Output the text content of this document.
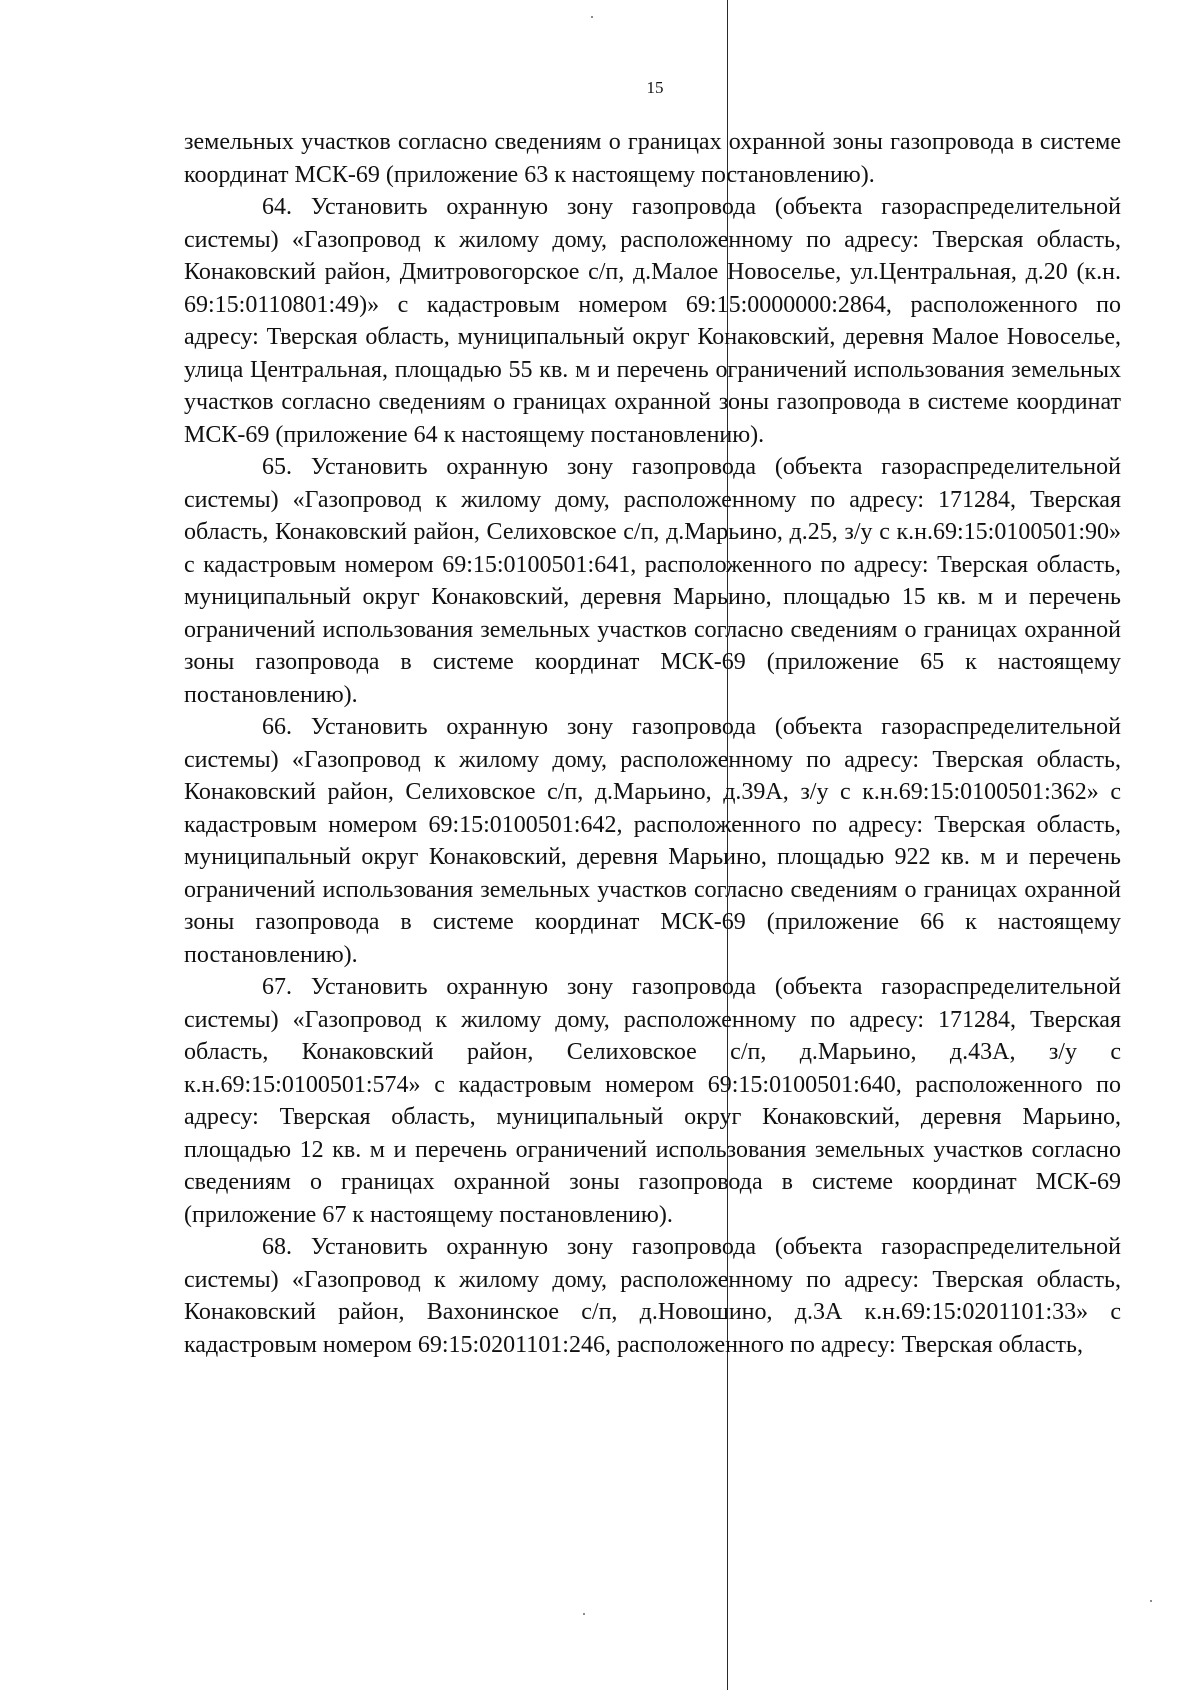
15

земельных участков согласно сведениям о границах охранной зоны газопровода в системе координат МСК-69 (приложение 63 к настоящему постановлению).

64. Установить охранную зону газопровода (объекта газораспределительной системы) «Газопровод к жилому дому, расположенному по адресу: Тверская область, Конаковский район, Дмитровогорское с/п, д.Малое Новоселье, ул.Центральная, д.20 (к.н. 69:15:0110801:49)» с кадастровым номером 69:15:0000000:2864, расположенного по адресу: Тверская область, муниципальный округ Конаковский, деревня Малое Новоселье, улица Центральная, площадью 55 кв. м и перечень ограничений использования земельных участков согласно сведениям о границах охранной зоны газопровода в системе координат МСК-69 (приложение 64 к настоящему постановлению).

65. Установить охранную зону газопровода (объекта газораспределительной системы) «Газопровод к жилому дому, расположенному по адресу: 171284, Тверская область, Конаковский район, Селиховское с/п, д.Марьино, д.25, з/у с к.н.69:15:0100501:90» с кадастровым номером 69:15:0100501:641, расположенного по адресу: Тверская область, муниципальный округ Конаковский, деревня Марьино, площадью 15 кв. м и перечень ограничений использования земельных участков согласно сведениям о границах охранной зоны газопровода в системе координат МСК-69 (приложение 65 к настоящему постановлению).

66. Установить охранную зону газопровода (объекта газораспределительной системы) «Газопровод к жилому дому, расположенному по адресу: Тверская область, Конаковский район, Селиховское с/п, д.Марьино, д.39А, з/у с к.н.69:15:0100501:362» с кадастровым номером 69:15:0100501:642, расположенного по адресу: Тверская область, муниципальный округ Конаковский, деревня Марьино, площадью 922 кв. м и перечень ограничений использования земельных участков согласно сведениям о границах охранной зоны газопровода в системе координат МСК-69 (приложение 66 к настоящему постановлению).

67. Установить охранную зону газопровода (объекта газораспределительной системы) «Газопровод к жилому дому, расположенному по адресу: 171284, Тверская область, Конаковский район, Селиховское с/п, д.Марьино, д.43А, з/у с к.н.69:15:0100501:574» с кадастровым номером 69:15:0100501:640, расположенного по адресу: Тверская область, муниципальный округ Конаковский, деревня Марьино, площадью 12 кв. м и перечень ограничений использования земельных участков согласно сведениям о границах охранной зоны газопровода в системе координат МСК-69 (приложение 67 к настоящему постановлению).

68. Установить охранную зону газопровода (объекта газораспределительной системы) «Газопровод к жилому дому, расположенному по адресу: Тверская область, Конаковский район, Вахонинское с/п, д.Новошино, д.3А к.н.69:15:0201101:33» с кадастровым номером 69:15:0201101:246, расположенного по адресу: Тверская область,
